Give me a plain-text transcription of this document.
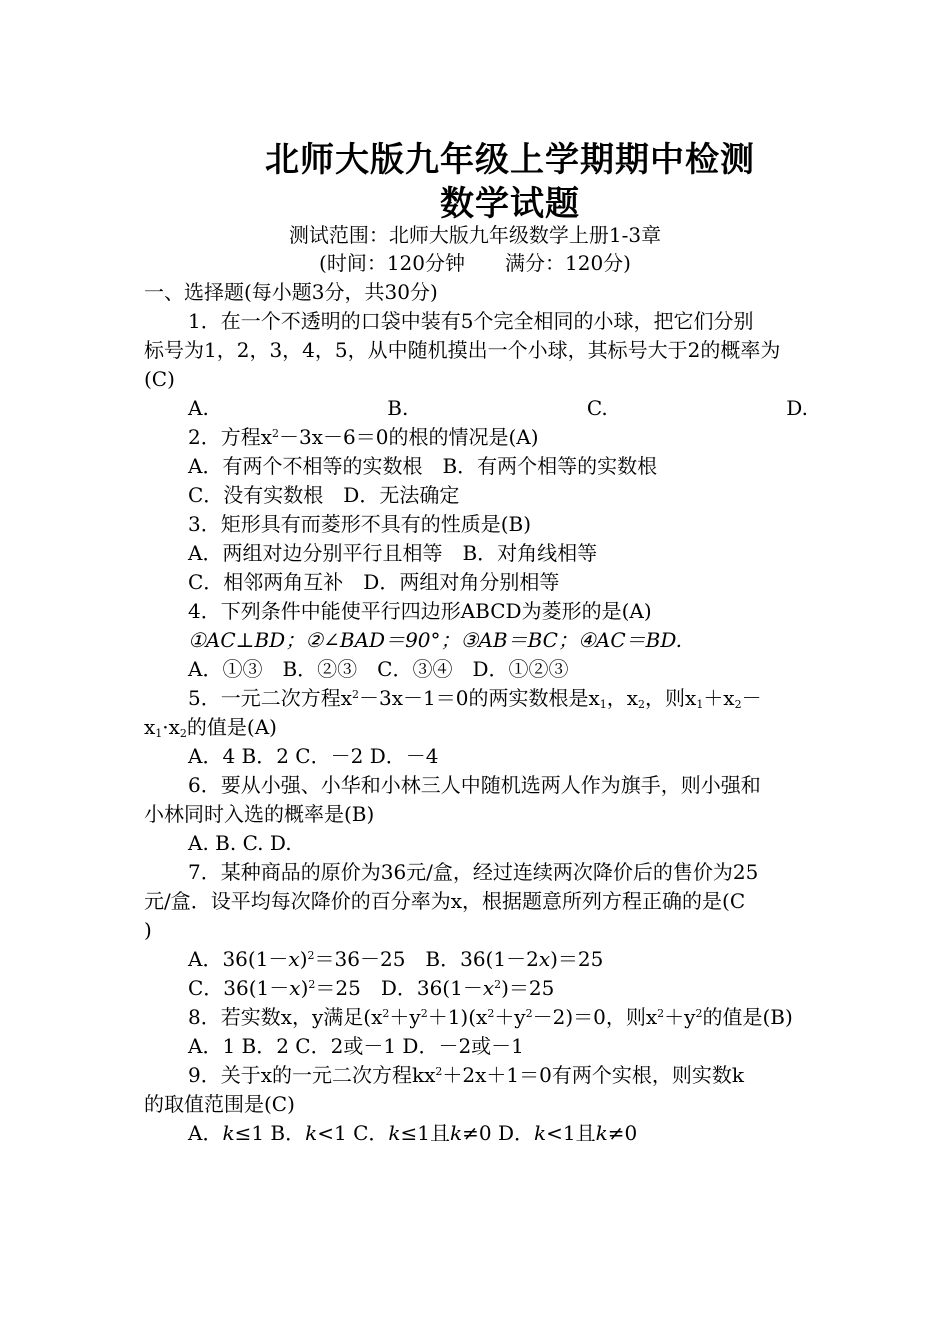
北师大版九年级上学期期中检测
数学试题
测试范围：北师大版九年级数学上册1-3章
(时间：120分钟　　满分：120分)
一、选择题(每小题3分，共30分)
1．在一个不透明的口袋中装有5个完全相同的小球，把它们分别
标号为1，2，3，4，5，从中随机摸出一个小球，其标号大于2的概率为
(C)
A.	B.	C.	D.
2．方程$x^2-3x-6=0$的根的情况是(A)
A．有两个不相等的实数根　B．有两个相等的实数根
C．没有实数根　D．无法确定
3．矩形具有而菱形不具有的性质是(B)
A．两组对边分别平行且相等　B．对角线相等
C．相邻两角互补　D．两组对角分别相等
4．下列条件中能使平行四边形ABCD为菱形的是(A)
①AC⊥BD；②∠BAD＝90°；③AB＝BC；④AC＝BD.
A．①③　B．②③　C．③④　D．①②③
5．一元二次方程$x^2-3x-1=0$的两实数根是$x_1$，$x_2$，则$x_1+x_2-$
$x_1\cdot x_2$的值是(A)
A．4 B．2 C．－2 D．－4
6．要从小强、小华和小林三人中随机选两人作为旗手，则小强和
小林同时入选的概率是(B)
A. B. C. D.
7．某种商品的原价为36元/盒，经过连续两次降价后的售价为25
元/盒．设平均每次降价的百分率为x，根据题意所列方程正确的是(C
)
A．$36(1-x)^2=36-25$　B．36(1－2x)＝25
C．$36(1-x)^2=25$　D．$36(1-x^2)=25$
8．若实数x，y满足$(x^2+y^2+1)(x^2+y^2-2)=0$，则$x^2+y^2$的值是(B)
A．1 B．2 C．2或－1 D．－2或－1
9．关于x的一元二次方程$kx^2+2x+1=0$有两个实根，则实数k
的取值范围是(C)
A．k≤1 B．k<1 C．k≤1且k≠0 D．k<1且k≠0
